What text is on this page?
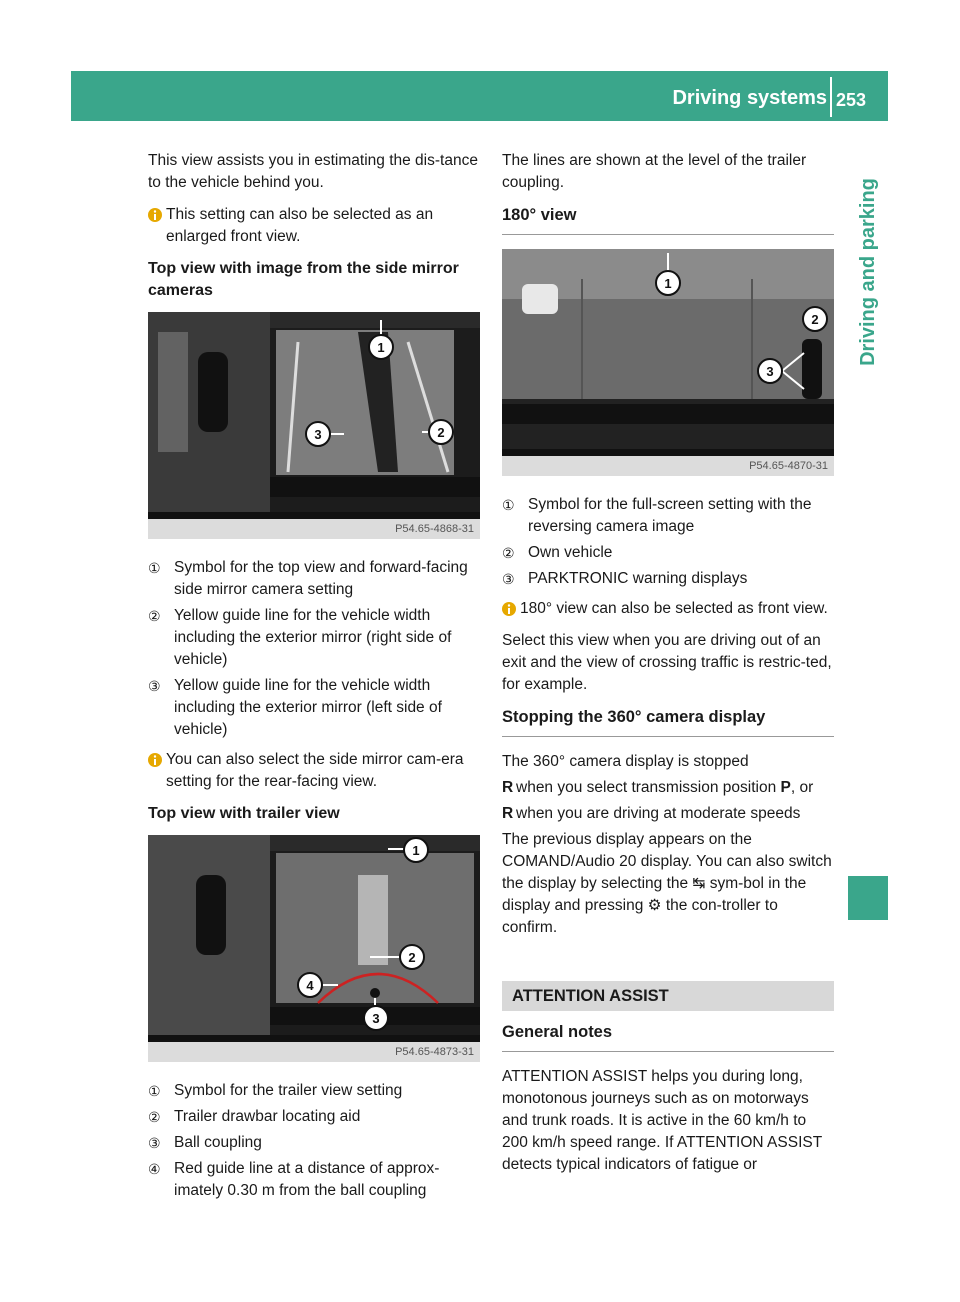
Driving systems 253
Driving and parking

This view assists you in estimating the dis-tance to the vehicle behind you.

This setting can also be selected as an enlarged front view.
Top view with image from the side mirror cameras
1
2
3
P54.65-4868-31
① Symbol for the top view and forward-facing side mirror camera setting
② Yellow guide line for the vehicle width including the exterior mirror (right side of vehicle)
③ Yellow guide line for the vehicle width including the exterior mirror (left side of vehicle)
You can also select the side mirror cam-era setting for the rear-facing view.
Top view with trailer view
1
2
3
4
P54.65-4873-31
① Symbol for the trailer view setting
② Trailer drawbar locating aid
③ Ball coupling
④ Red guide line at a distance of approx-imately 0.30 m from the ball coupling

The lines are shown at the level of the trailer coupling.

180° view
1
2
3
P54.65-4870-31
① Symbol for the full-screen setting with the reversing camera image
② Own vehicle
③ PARKTRONIC warning displays
180° view can also be selected as front view.

Select this view when you are driving out of an exit and the view of crossing traffic is restric-ted, for example.

Stopping the 360° camera display

The 360° camera display is stopped

R when you select transmission position P, or
R when you are driving at moderate speeds

The previous display appears on the COMAND/Audio 20 display. You can also switch the display by selecting the ↹ sym-bol in the display and pressing ⚙ the con-troller to confirm.

ATTENTION ASSIST
General notes

ATTENTION ASSIST helps you during long, monotonous journeys such as on motorways and trunk roads. It is active in the 60 km/h to 200 km/h speed range. If ATTENTION ASSIST detects typical indicators of fatigue or
